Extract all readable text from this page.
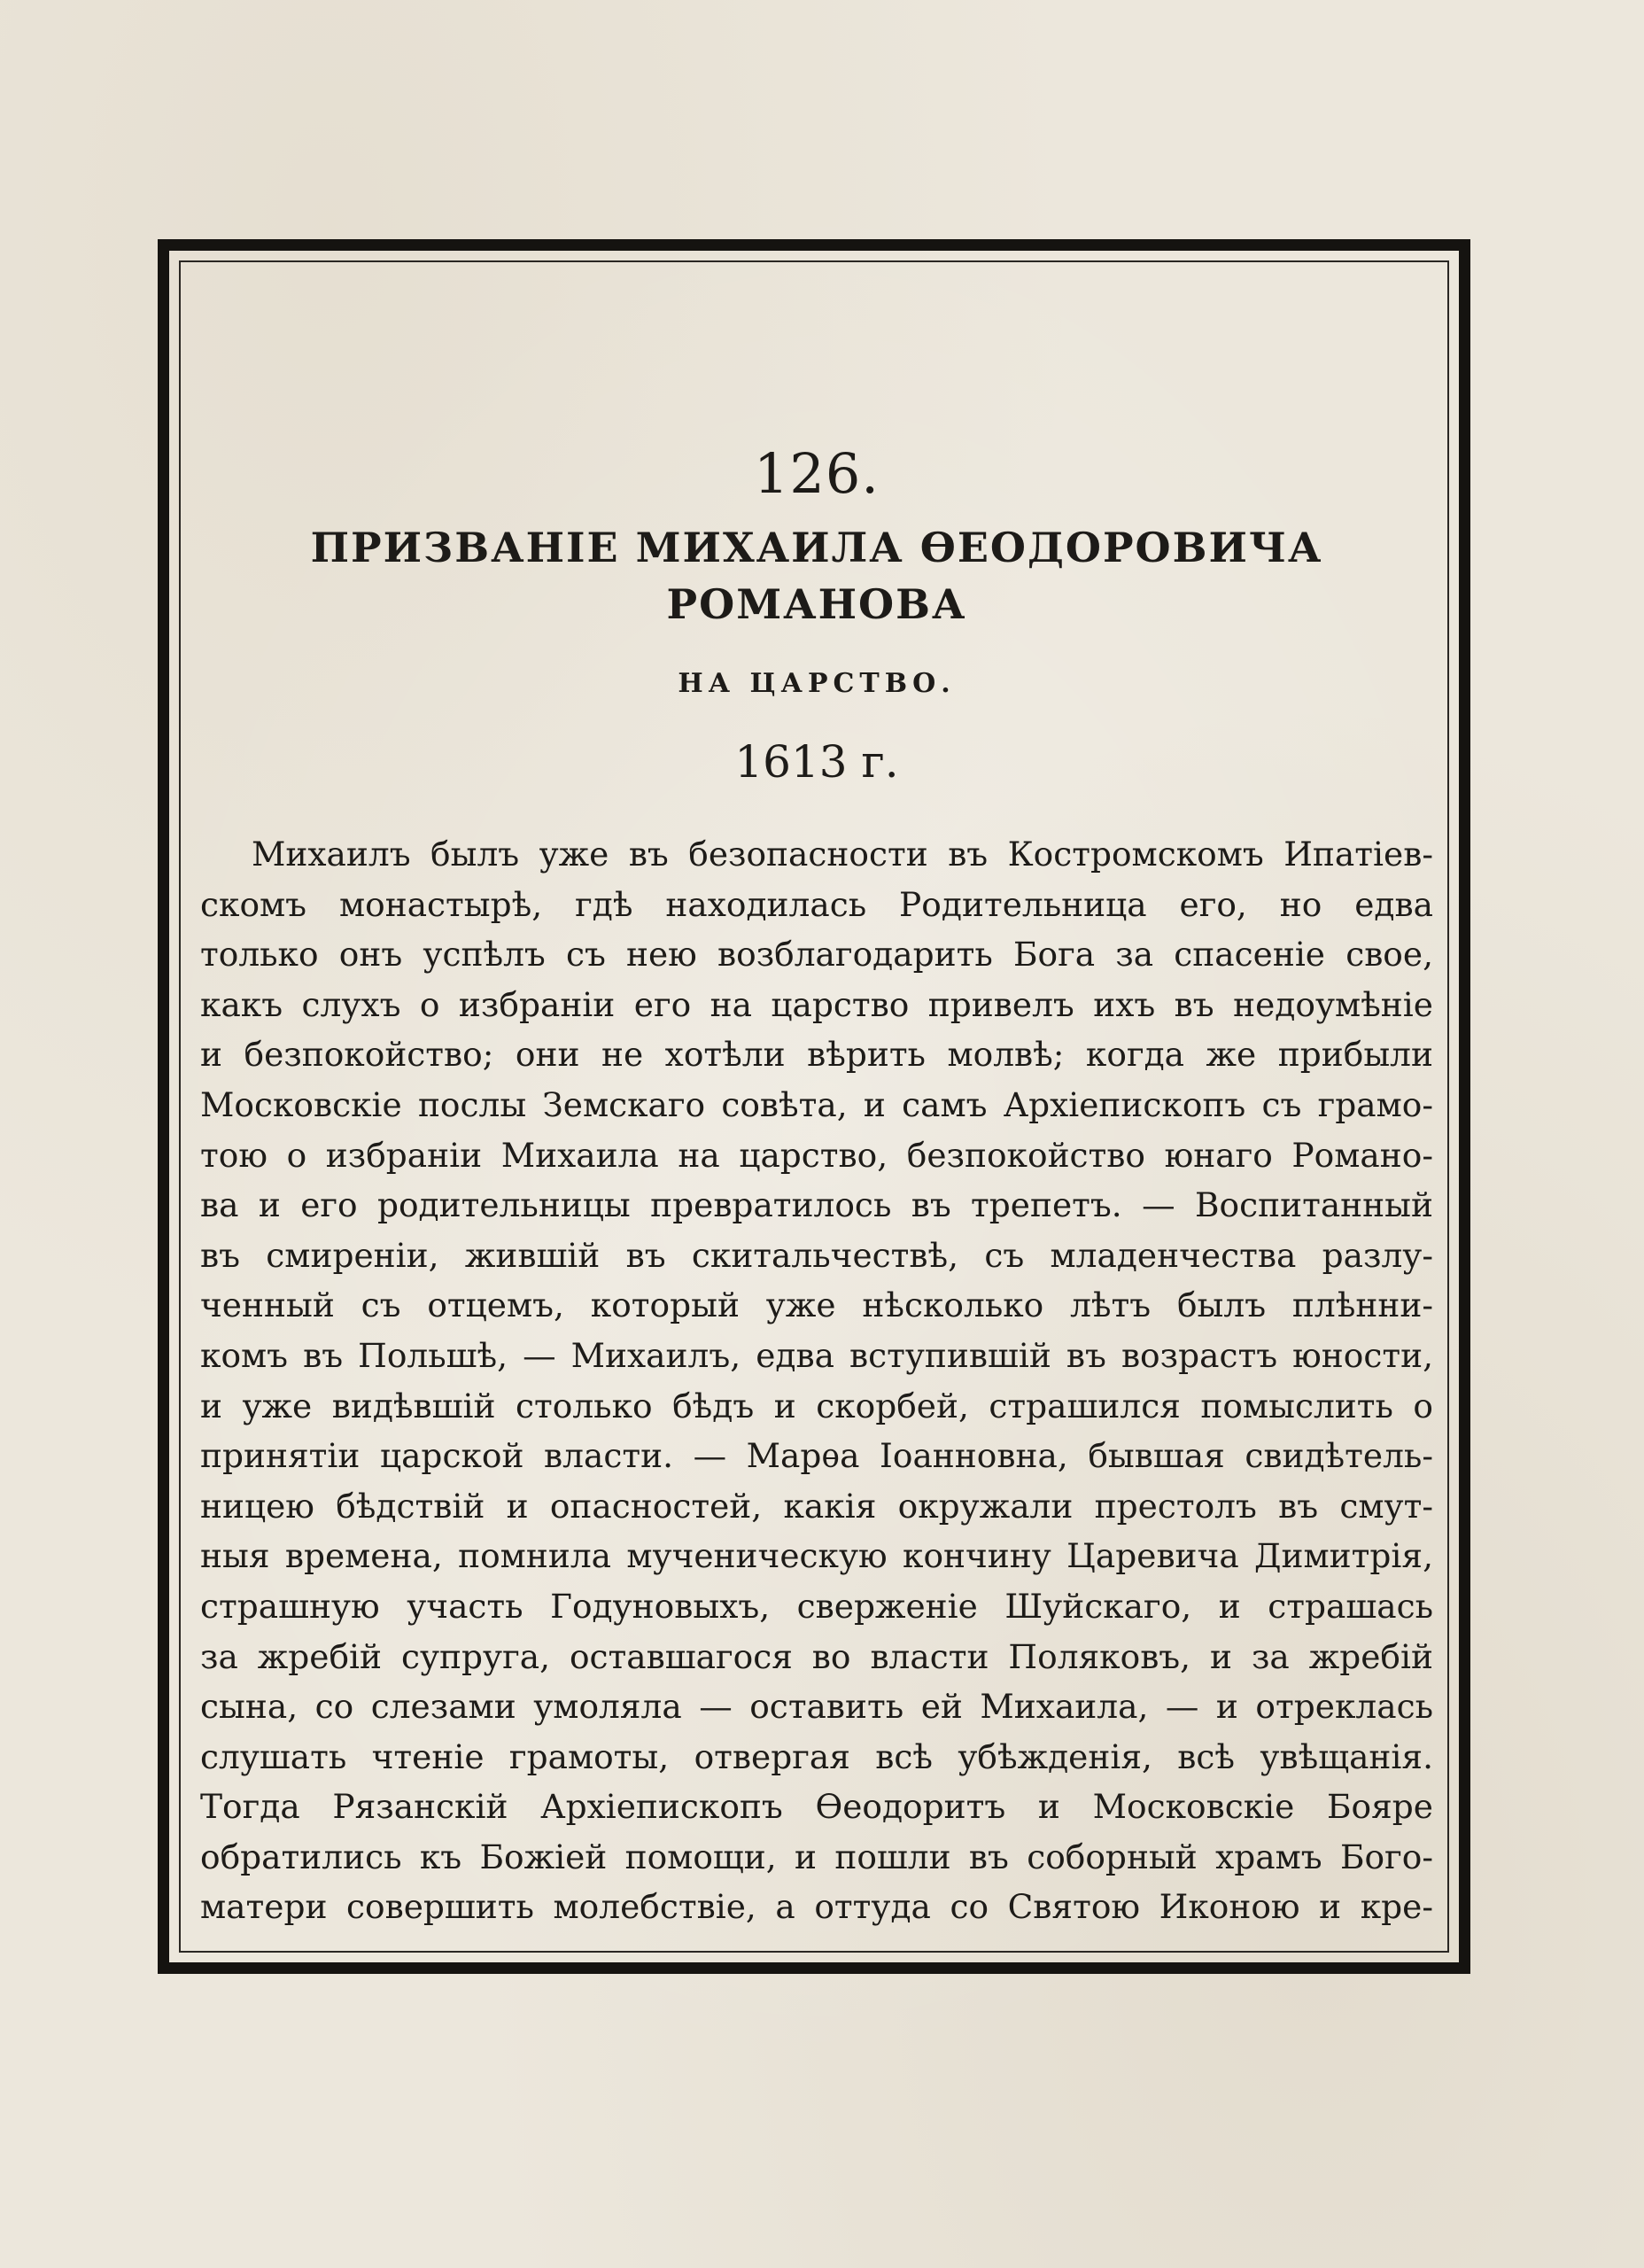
126.
ПРИЗВАНІЕ МИХАИЛА ѲЕОДОРОВИЧА РОМАНОВА
НА ЦАРСТВО.
1613 г.
Михаилъ былъ уже въ безопасности въ Костромскомъ Ипатіев-
скомъ монастырѣ, гдѣ находилась Родительница его, но едва
только онъ успѣлъ съ нею возблагодарить Бога за спасеніе свое,
какъ слухъ о избраніи его на царство привелъ ихъ въ недоумѣніе
и безпокойство; они не хотѣли вѣрить молвѣ; когда же прибыли
Московскіе послы Земскаго совѣта, и самъ Архіепископъ съ грамо-
тою о избраніи Михаила на царство, безпокойство юнаго Романо-
ва и его родительницы превратилось въ трепетъ. — Воспитанный
въ смиреніи, жившій въ скитальчествѣ, съ младенчества разлу-
ченный съ отцемъ, который уже нѣсколько лѣтъ былъ плѣнни-
комъ въ Польшѣ, — Михаилъ, едва вступившій въ возрастъ юности,
и уже видѣвшій столько бѣдъ и скорбей, страшился помыслить о
принятіи царской власти. — Марѳа Іоанновна, бывшая свидѣтель-
ницею бѣдствій и опасностей, какія окружали престолъ въ смут-
ныя времена, помнила мученическую кончину Царевича Димитрія,
страшную участь Годуновыхъ, сверженіе Шуйскаго, и страшась
за жребій супруга, оставшагося во власти Поляковъ, и за жребій
сына, со слезами умоляла — оставить ей Михаила, — и отреклась
слушать чтеніе грамоты, отвергая всѣ убѣжденія, всѣ увѣщанія.
Тогда Рязанскій Архіепископъ Ѳеодоритъ и Московскіе Бояре
обратились къ Божіей помощи, и пошли въ соборный храмъ Бого-
матери совершить молебствіе, а оттуда со Святою Иконою и кре-
